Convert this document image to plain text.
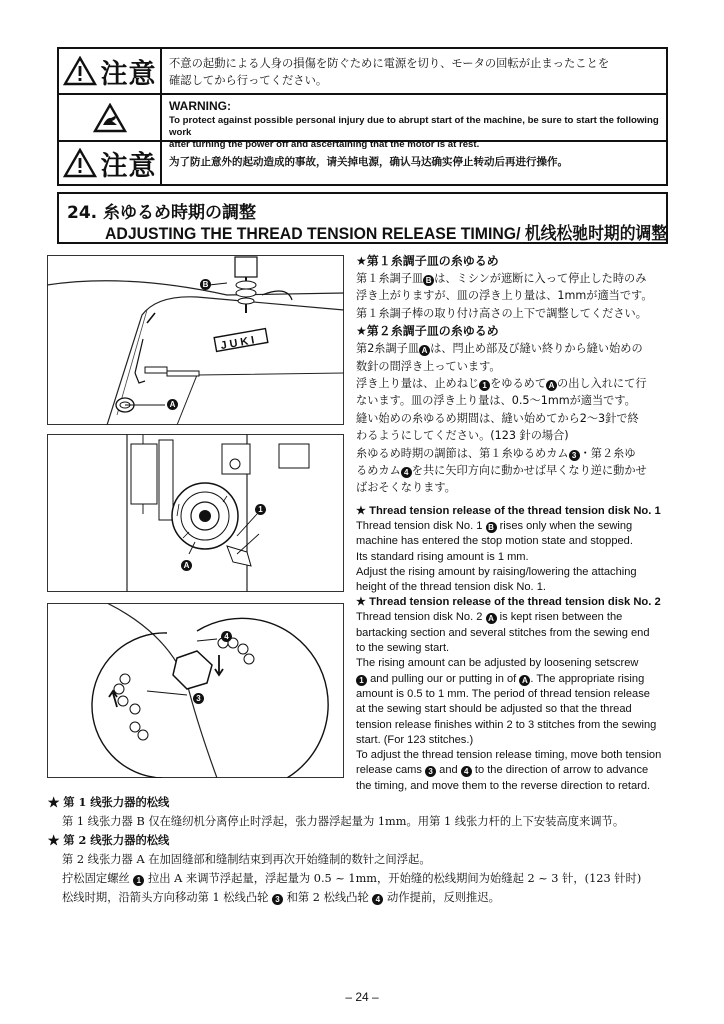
注意 不意の起動による人身の損傷を防ぐために電源を切り、モータの回転が止まったことを
確認してから行ってください。
WARNING:
To protect against possible personal injury due to abrupt start of the machine, be sure to start the following work
after turning the power off and ascertaining that the motor is at rest.
注意 为了防止意外的起动造成的事故，请关掉电源，确认马达确实停止转动后再进行操作。
24. 糸ゆるめ時期の調整
ADJUSTING THE THREAD TENSION RELEASE TIMING/ 机线松驰时期的调整
JUKI
B
A
1
A
4
3
★第１糸調子皿の糸ゆるめ
第１糸調子皿 B は、ミシンが遮断に入って停止した時のみ
浮き上がりますが、皿の浮き上り量は、1mmが適当です。
第１糸調子棒の取り付け高さの上下で調整してください。
★第２糸調子皿の糸ゆるめ
第2糸調子皿 A は、閂止め部及び縫い終りから縫い始めの
数針の間浮き上っています。
浮き上り量は、止めねじ 1 をゆるめて A の出し入れにて行
ないます。皿の浮き上り量は、0.5～1mmが適当です。
縫い始めの糸ゆるめ期間は、縫い始めてから2～3針で終
わるようにしてください。(123 針の場合)
糸ゆるめ時期の調節は、第１糸ゆるめカム 3 ・第２糸ゆ
るめカム 4 を共に矢印方向に動かせば早くなり逆に動かせ
ばおそくなります。
★ Thread tension release of the thread tension disk No. 1
Thread tension disk No. 1 B rises only when the sewing
machine has entered the stop motion state and stopped.
Its standard rising amount is 1 mm.
Adjust the rising amount by raising/lowering the attaching
height of the thread tension disk No. 1.
★ Thread tension release of the thread tension disk No. 2
Thread tension disk No. 2 A is kept risen between the
bartacking section and several stitches from the sewing end
to the sewing start.
The rising amount can be adjusted by loosening setscrew
1 and pulling our or putting in of A . The appropriate rising
amount is 0.5 to 1 mm. The period of thread tension release
at the sewing start should be adjusted so that the thread
tension release finishes within 2 to 3 stitches from the sewing
start. (For 123 stitches.)
To adjust the thread tension release timing, move both tension
release cams 3 and 4 to the direction of arrow to advance
the timing, and move them to the reverse direction to retard.
★ 第 1 线张力器的松线
第 1 线张力器 B 仅在缝纫机分离停止时浮起，张力器浮起量为 1mm。用第 1 线张力杆的上下安装高度来调节。
★ 第 2 线张力器的松线
第 2 线张力器 A 在加固缝部和缝制结束到再次开始缝制的数针之间浮起。
拧松固定螺丝 1 拉出 A 来调节浮起量，浮起量为 0.5 ~ 1mm，开始缝的松线期间为始缝起 2 ~ 3 针，(123 针时)
松线时期，沿箭头方向移动第 1 松线凸轮 3 和第 2 松线凸轮 4 动作提前，反则推迟。
– 24 –
